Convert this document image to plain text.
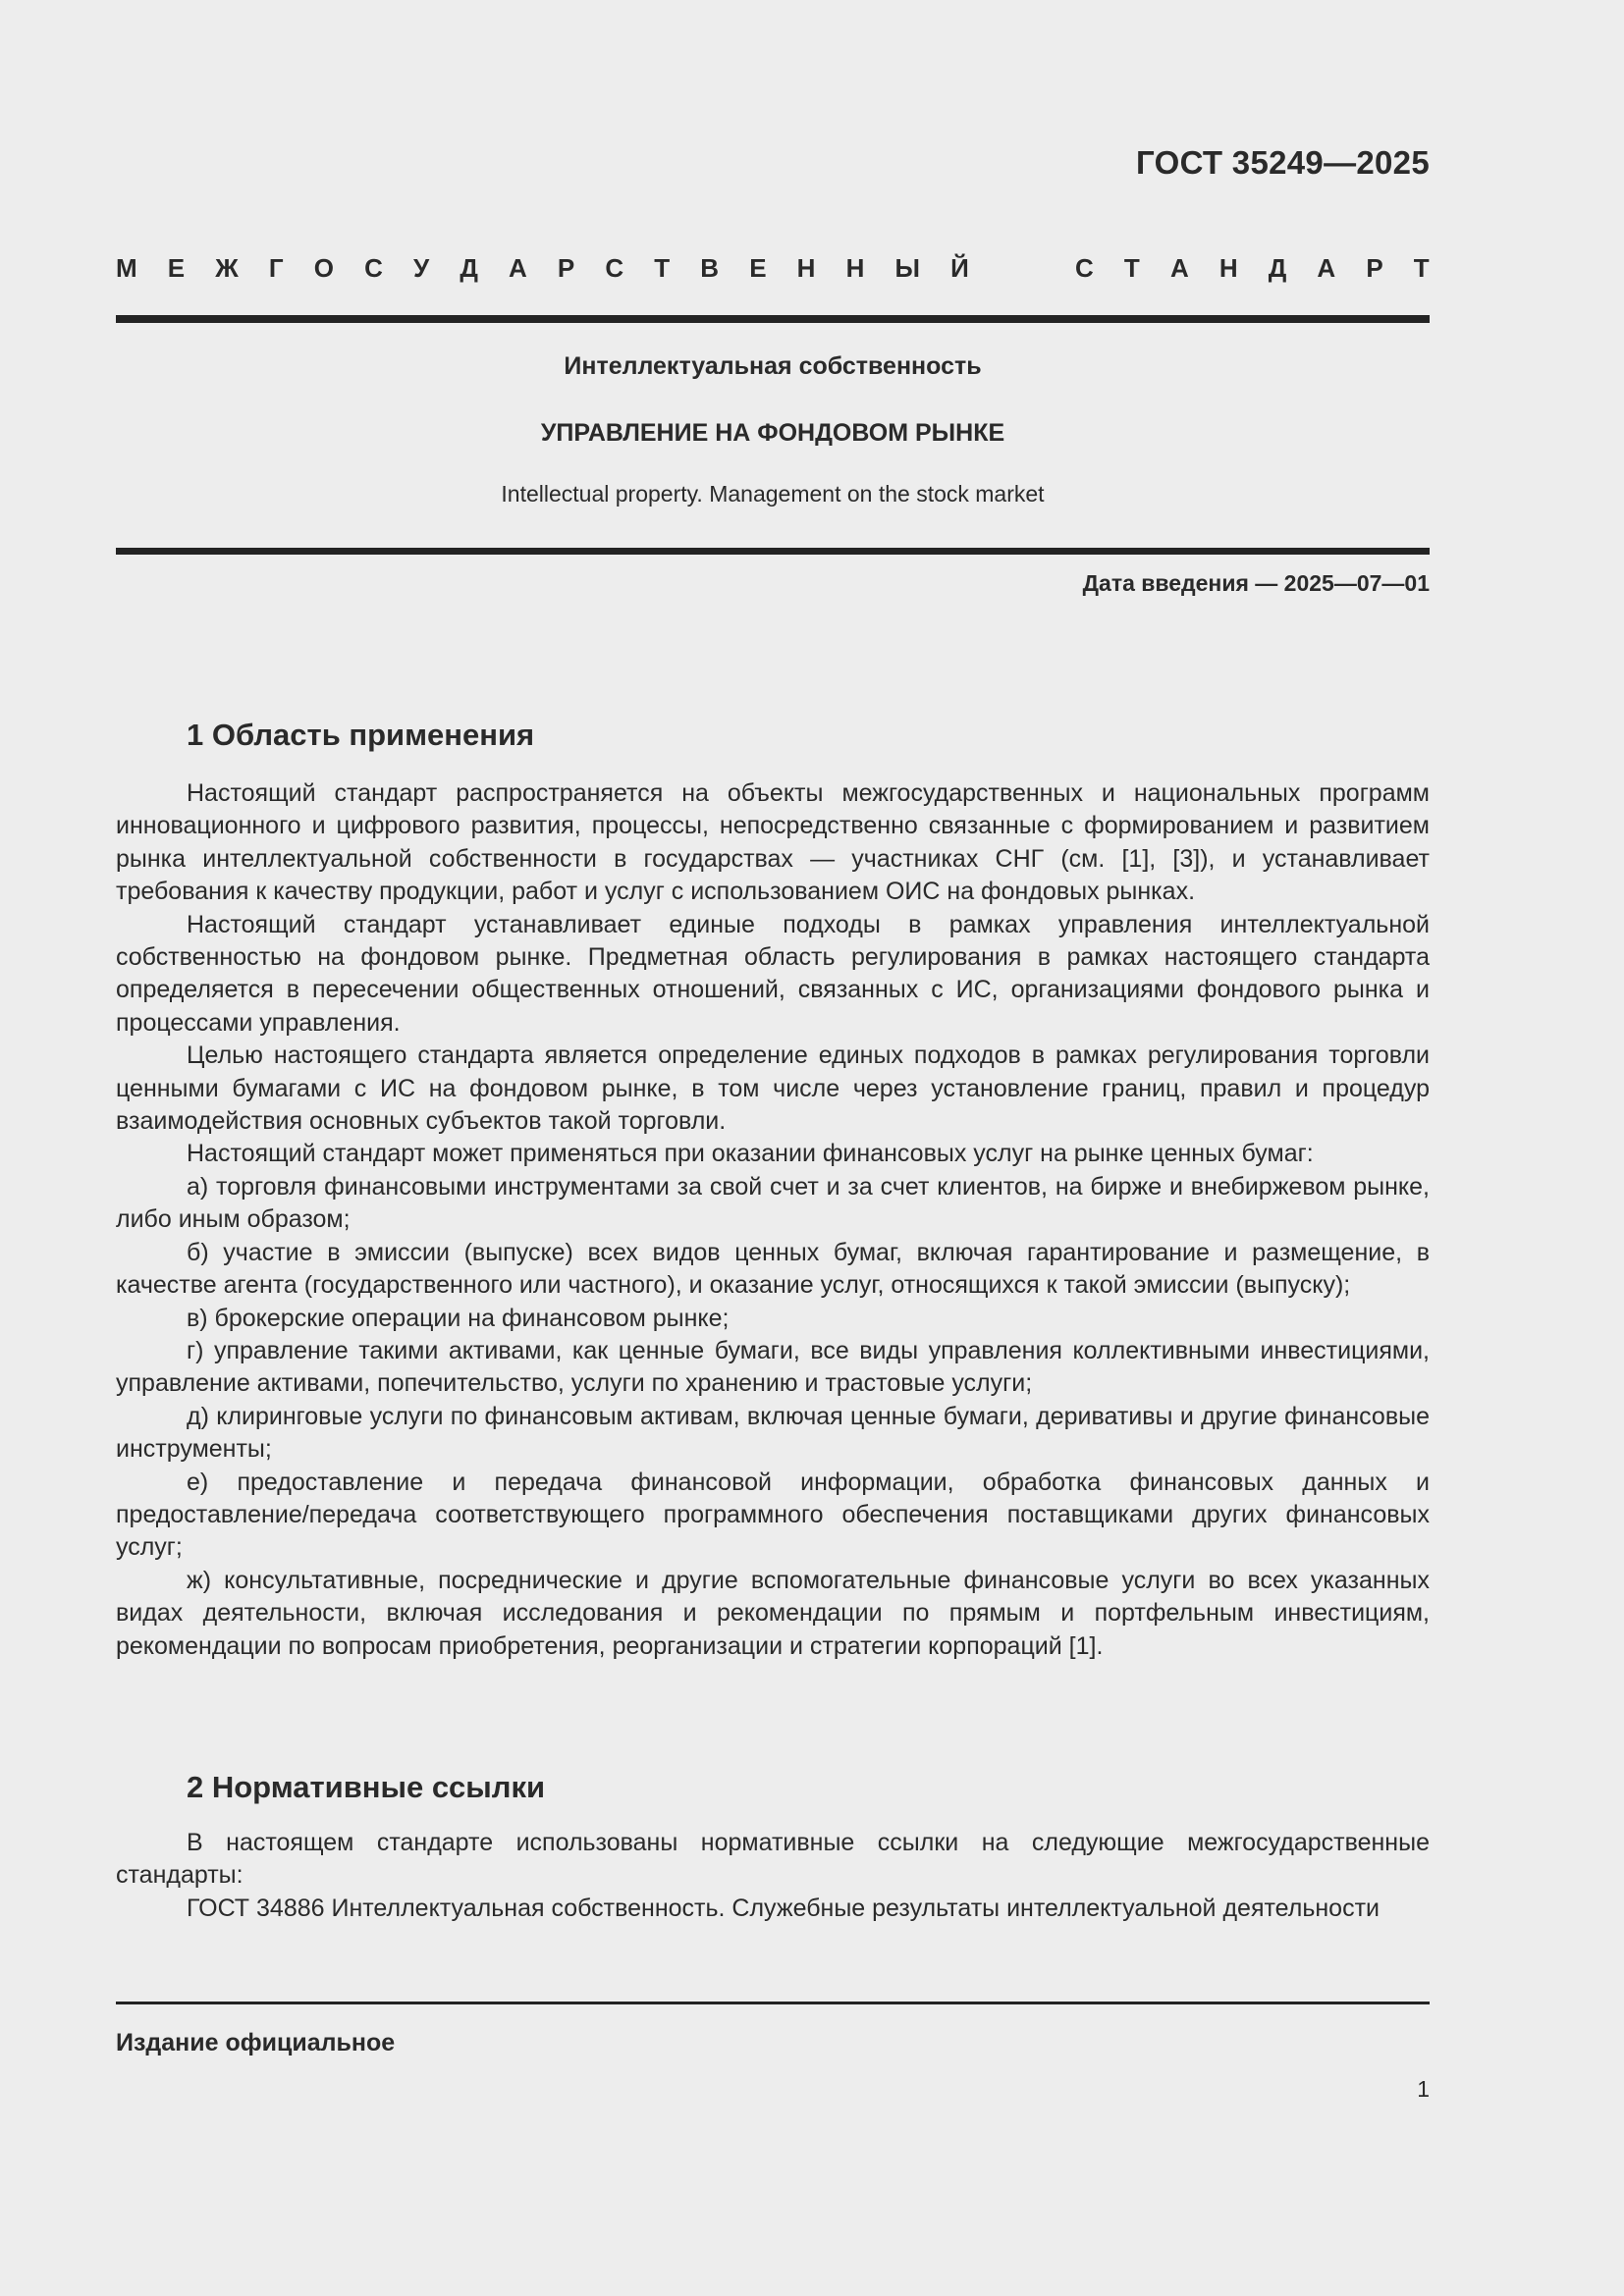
ГОСТ 35249—2025
М Е Ж Г О С У Д А Р С Т В Е Н Н Ы Й	С Т А Н Д А Р Т
Интеллектуальная собственность
УПРАВЛЕНИЕ НА ФОНДОВОМ РЫНКЕ
Intellectual property. Management on the stock market
Дата введения — 2025—07—01
1 Область применения

Настоящий стандарт распространяется на объекты межгосударственных и национальных программ инновационного и цифрового развития, процессы, непосредственно связанные с формированием и развитием рынка интеллектуальной собственности в государствах — участниках СНГ (см. [1], [3]), и устанавливает требования к качеству продукции, работ и услуг с использованием ОИС на фондовых рынках.

Настоящий стандарт устанавливает единые подходы в рамках управления интеллектуальной собственностью на фондовом рынке. Предметная область регулирования в рамках настоящего стандарта определяется в пересечении общественных отношений, связанных с ИС, организациями фондового рынка и процессами управления.

Целью настоящего стандарта является определение единых подходов в рамках регулирования торговли ценными бумагами с ИС на фондовом рынке, в том числе через установление границ, правил и процедур взаимодействия основных субъектов такой торговли.

Настоящий стандарт может применяться при оказании финансовых услуг на рынке ценных бумаг:

а) торговля финансовыми инструментами за свой счет и за счет клиентов, на бирже и внебиржевом рынке, либо иным образом;

б) участие в эмиссии (выпуске) всех видов ценных бумаг, включая гарантирование и размещение, в качестве агента (государственного или частного), и оказание услуг, относящихся к такой эмиссии (выпуску);

в) брокерские операции на финансовом рынке;

г) управление такими активами, как ценные бумаги, все виды управления коллективными инвестициями, управление активами, попечительство, услуги по хранению и трастовые услуги;

д) клиринговые услуги по финансовым активам, включая ценные бумаги, деривативы и другие финансовые инструменты;

е) предоставление и передача финансовой информации, обработка финансовых данных и предоставление/передача соответствующего программного обеспечения поставщиками других финансовых услуг;

ж) консультативные, посреднические и другие вспомогательные финансовые услуги во всех указанных видах деятельности, включая исследования и рекомендации по прямым и портфельным инвестициям, рекомендации по вопросам приобретения, реорганизации и стратегии корпораций [1].

2 Нормативные ссылки

В настоящем стандарте использованы нормативные ссылки на следующие межгосударственные стандарты:

ГОСТ 34886 Интеллектуальная собственность. Служебные результаты интеллектуальной деятельности

Издание официальное
1
